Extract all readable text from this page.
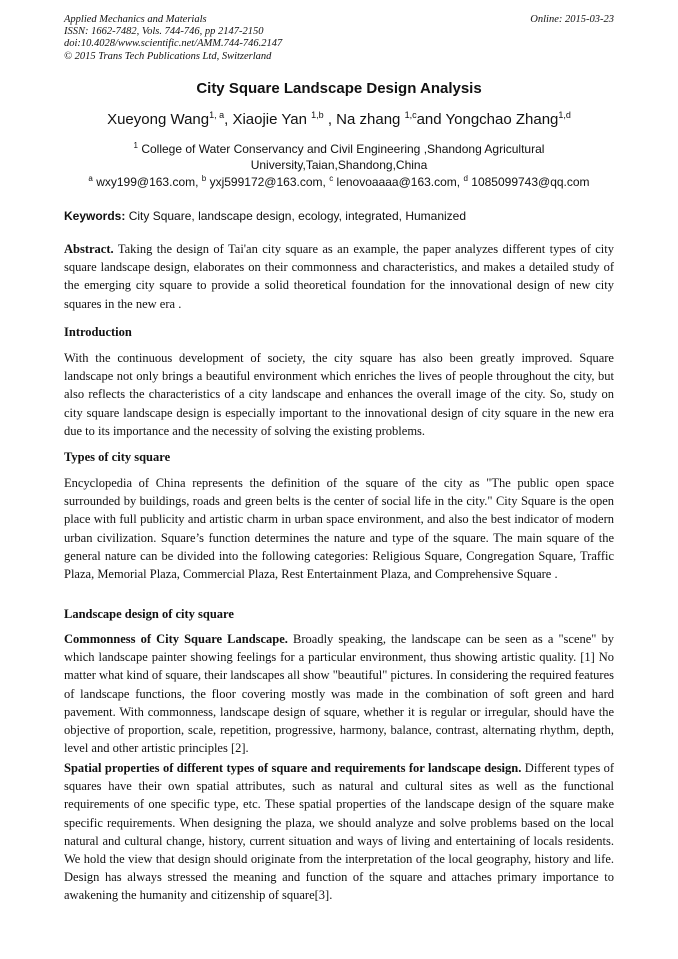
Applied Mechanics and Materials
ISSN: 1662-7482, Vols. 744-746, pp 2147-2150
doi:10.4028/www.scientific.net/AMM.744-746.2147
© 2015 Trans Tech Publications Ltd, Switzerland
Online: 2015-03-23
City Square Landscape Design Analysis
Xueyong Wang$^{1, a}$, Xiaojie Yan $^{1,b}$ , Na zhang $^{1,c}$and Yongchao Zhang$^{1,d}$
$^1$ College of Water Conservancy and Civil Engineering ,Shandong Agricultural
University,Taian,Shandong,China
$^a$ wxy199@163.com, $^b$ yxj599172@163.com, $^c$ lenovoaaaa@163.com, $^d$ 1085099743@qq.com
Keywords: City Square, landscape design, ecology, integrated, Humanized
Abstract. Taking the design of Tai'an city square as an example, the paper analyzes different types of city square landscape design, elaborates on their commonness and characteristics, and makes a detailed study of the emerging city square to provide a solid theoretical foundation for the innovational design of new city squares in the new era .
Introduction
With the continuous development of society, the city square has also been greatly improved. Square landscape not only brings a beautiful environment which enriches the lives of people throughout the city, but also reflects the characteristics of a city landscape and enhances the overall image of the city. So, study on city square landscape design is especially important to the innovational design of city square in the new era due to its importance and the necessity of solving the existing problems.
Types of city square
Encyclopedia of China represents the definition of the square of the city as "The public open space surrounded by buildings, roads and green belts is the center of social life in the city." City Square is the open place with full publicity and artistic charm in urban space environment, and also the best indicator of modern urban civilization. Square’s function determines the nature and type of the square. The main square of the general nature can be divided into the following categories: Religious Square, Congregation Square, Traffic Plaza, Memorial Plaza, Commercial Plaza, Rest Entertainment Plaza, and Comprehensive Square .
Landscape design of city square
Commonness of City Square Landscape. Broadly speaking, the landscape can be seen as a "scene" by which landscape painter showing feelings for a particular environment, thus showing artistic quality. [1] No matter what kind of square, their landscapes all show "beautiful" pictures. In considering the required features of landscape functions, the floor covering mostly was made in the combination of soft green and hard pavement. With commonness, landscape design of square, whether it is regular or irregular, should have the objective of proportion, scale, repetition, progressive, harmony, balance, contrast, alternating rhythm, depth, level and other artistic principles [2].
Spatial properties of different types of square and requirements for landscape design. Different types of squares have their own spatial attributes, such as natural and cultural sites as well as the functional requirements of one specific type, etc. These spatial properties of the landscape design of the square make specific requirements. When designing the plaza, we should analyze and solve problems based on the local natural and cultural change, history, current situation and ways of living and entertaining of locals residents. We hold the view that design should originate from the interpretation of the local geography, history and life. Design has always stressed the meaning and function of the square and attaches primary importance to awakening the humanity and citizenship of square[3].
